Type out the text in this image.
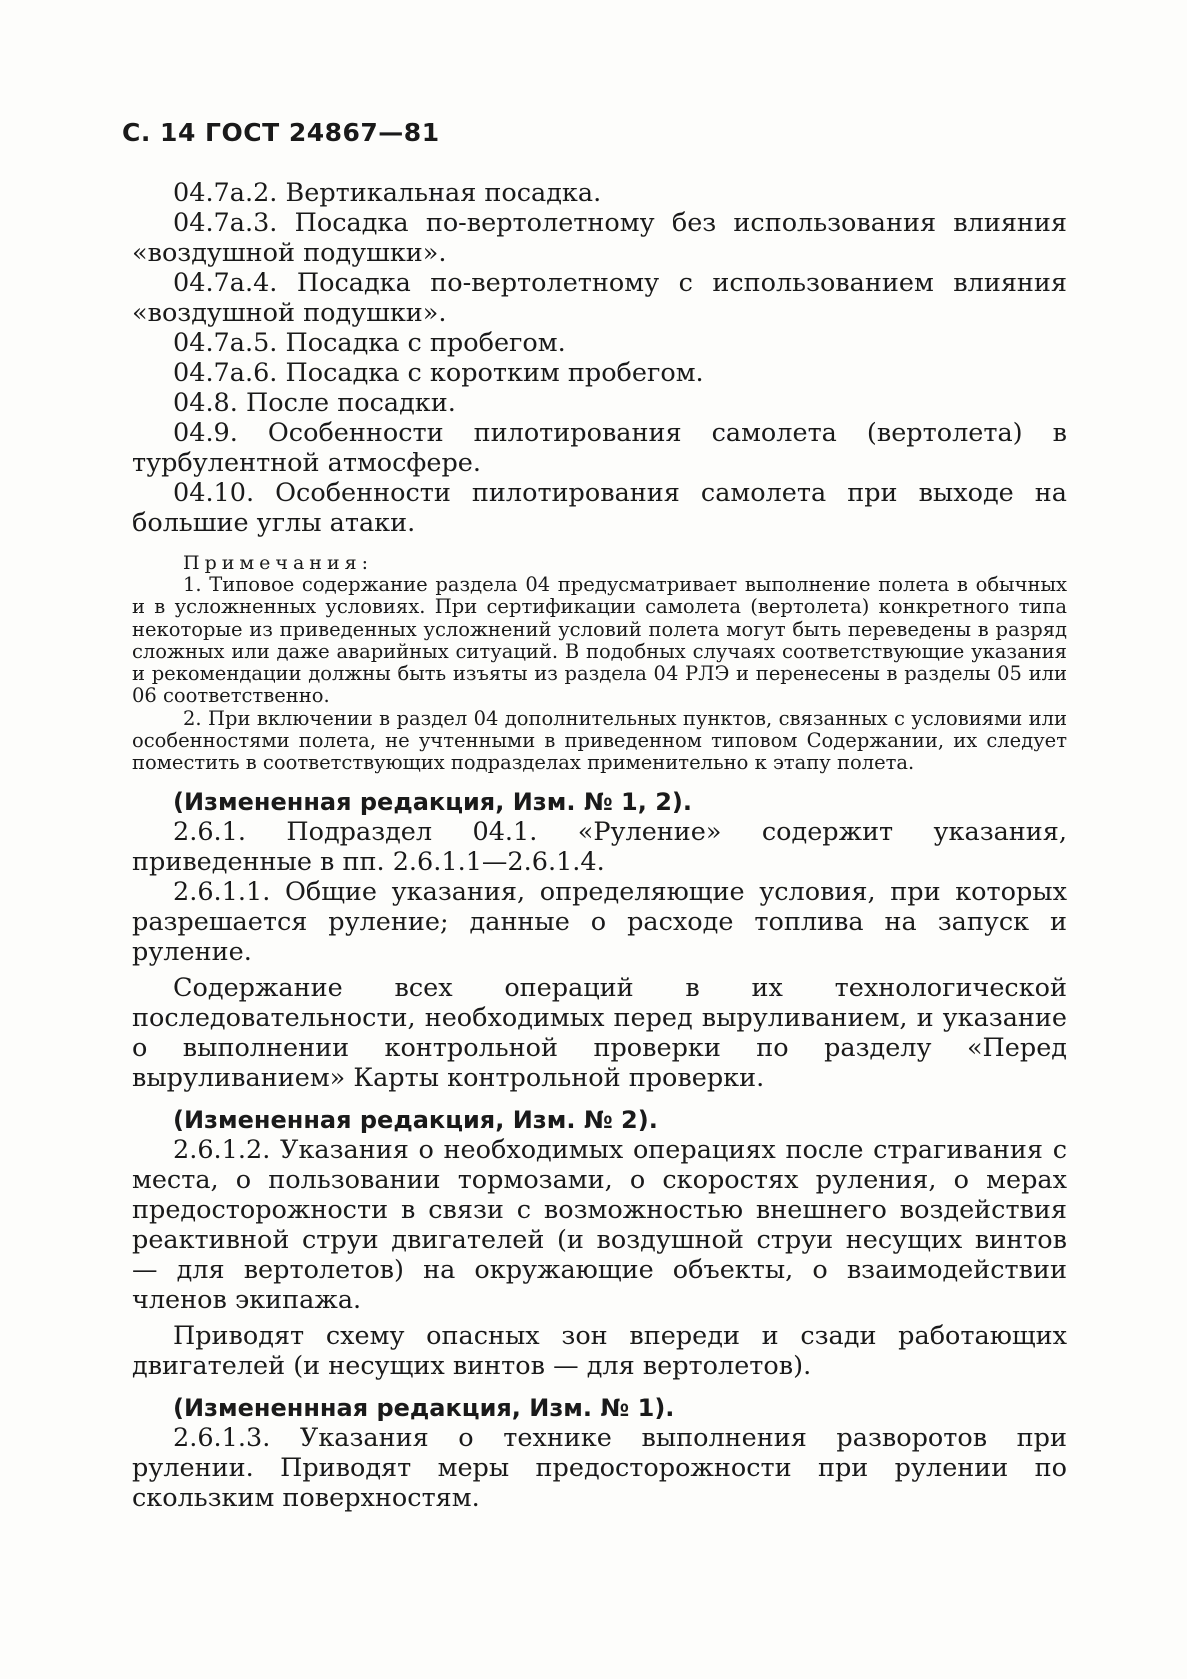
С. 14 ГОСТ 24867—81

04.7а.2. Вертикальная посадка.

04.7а.3. Посадка по-вертолетному без использования влияния «воздушной подушки».

04.7а.4. Посадка по-вертолетному с использованием влияния «воздушной подушки».

04.7а.5. Посадка с пробегом.

04.7а.6. Посадка с коротким пробегом.

04.8. После посадки.

04.9. Особенности пилотирования самолета (вертолета) в турбулентной атмосфере.

04.10. Особенности пилотирования самолета при выходе на большие углы атаки.

Примечания:

1. Типовое содержание раздела 04 предусматривает выполнение полета в обычных и в усложненных условиях. При сертификации самолета (вертолета) конкретного типа некоторые из приведенных усложнений условий полета могут быть переведены в разряд сложных или даже аварийных ситуаций. В подобных случаях соответствующие указания и рекомендации должны быть изъяты из раздела 04 РЛЭ и перенесены в разделы 05 или 06 соответственно.

2. При включении в раздел 04 дополнительных пунктов, связанных с условиями или особенностями полета, не учтенными в приведенном типовом Содержании, их следует поместить в соответствующих подразделах применительно к этапу полета.

(Измененная редакция, Изм. № 1, 2).

2.6.1. Подраздел 04.1. «Руление» содержит указания, приведенные в пп. 2.6.1.1—2.6.1.4.

2.6.1.1. Общие указания, определяющие условия, при которых разрешается руление; данные о расходе топлива на запуск и руление.

Содержание всех операций в их технологической последовательности, необходимых перед выруливанием, и указание о выполнении контрольной проверки по разделу «Перед выруливанием» Карты контрольной проверки.

(Измененная редакция, Изм. № 2).

2.6.1.2. Указания о необходимых операциях после страгивания с места, о пользовании тормозами, о скоростях руления, о мерах предосторожности в связи с возможностью внешнего воздействия реактивной струи двигателей (и воздушной струи несущих винтов — для вертолетов) на окружающие объекты, о взаимодействии членов экипажа.

Приводят схему опасных зон впереди и сзади работающих двигателей (и несущих винтов — для вертолетов).

(Измененнная редакция, Изм. № 1).

2.6.1.3. Указания о технике выполнения разворотов при рулении. Приводят меры предосторожности при рулении по скользким поверхностям.
